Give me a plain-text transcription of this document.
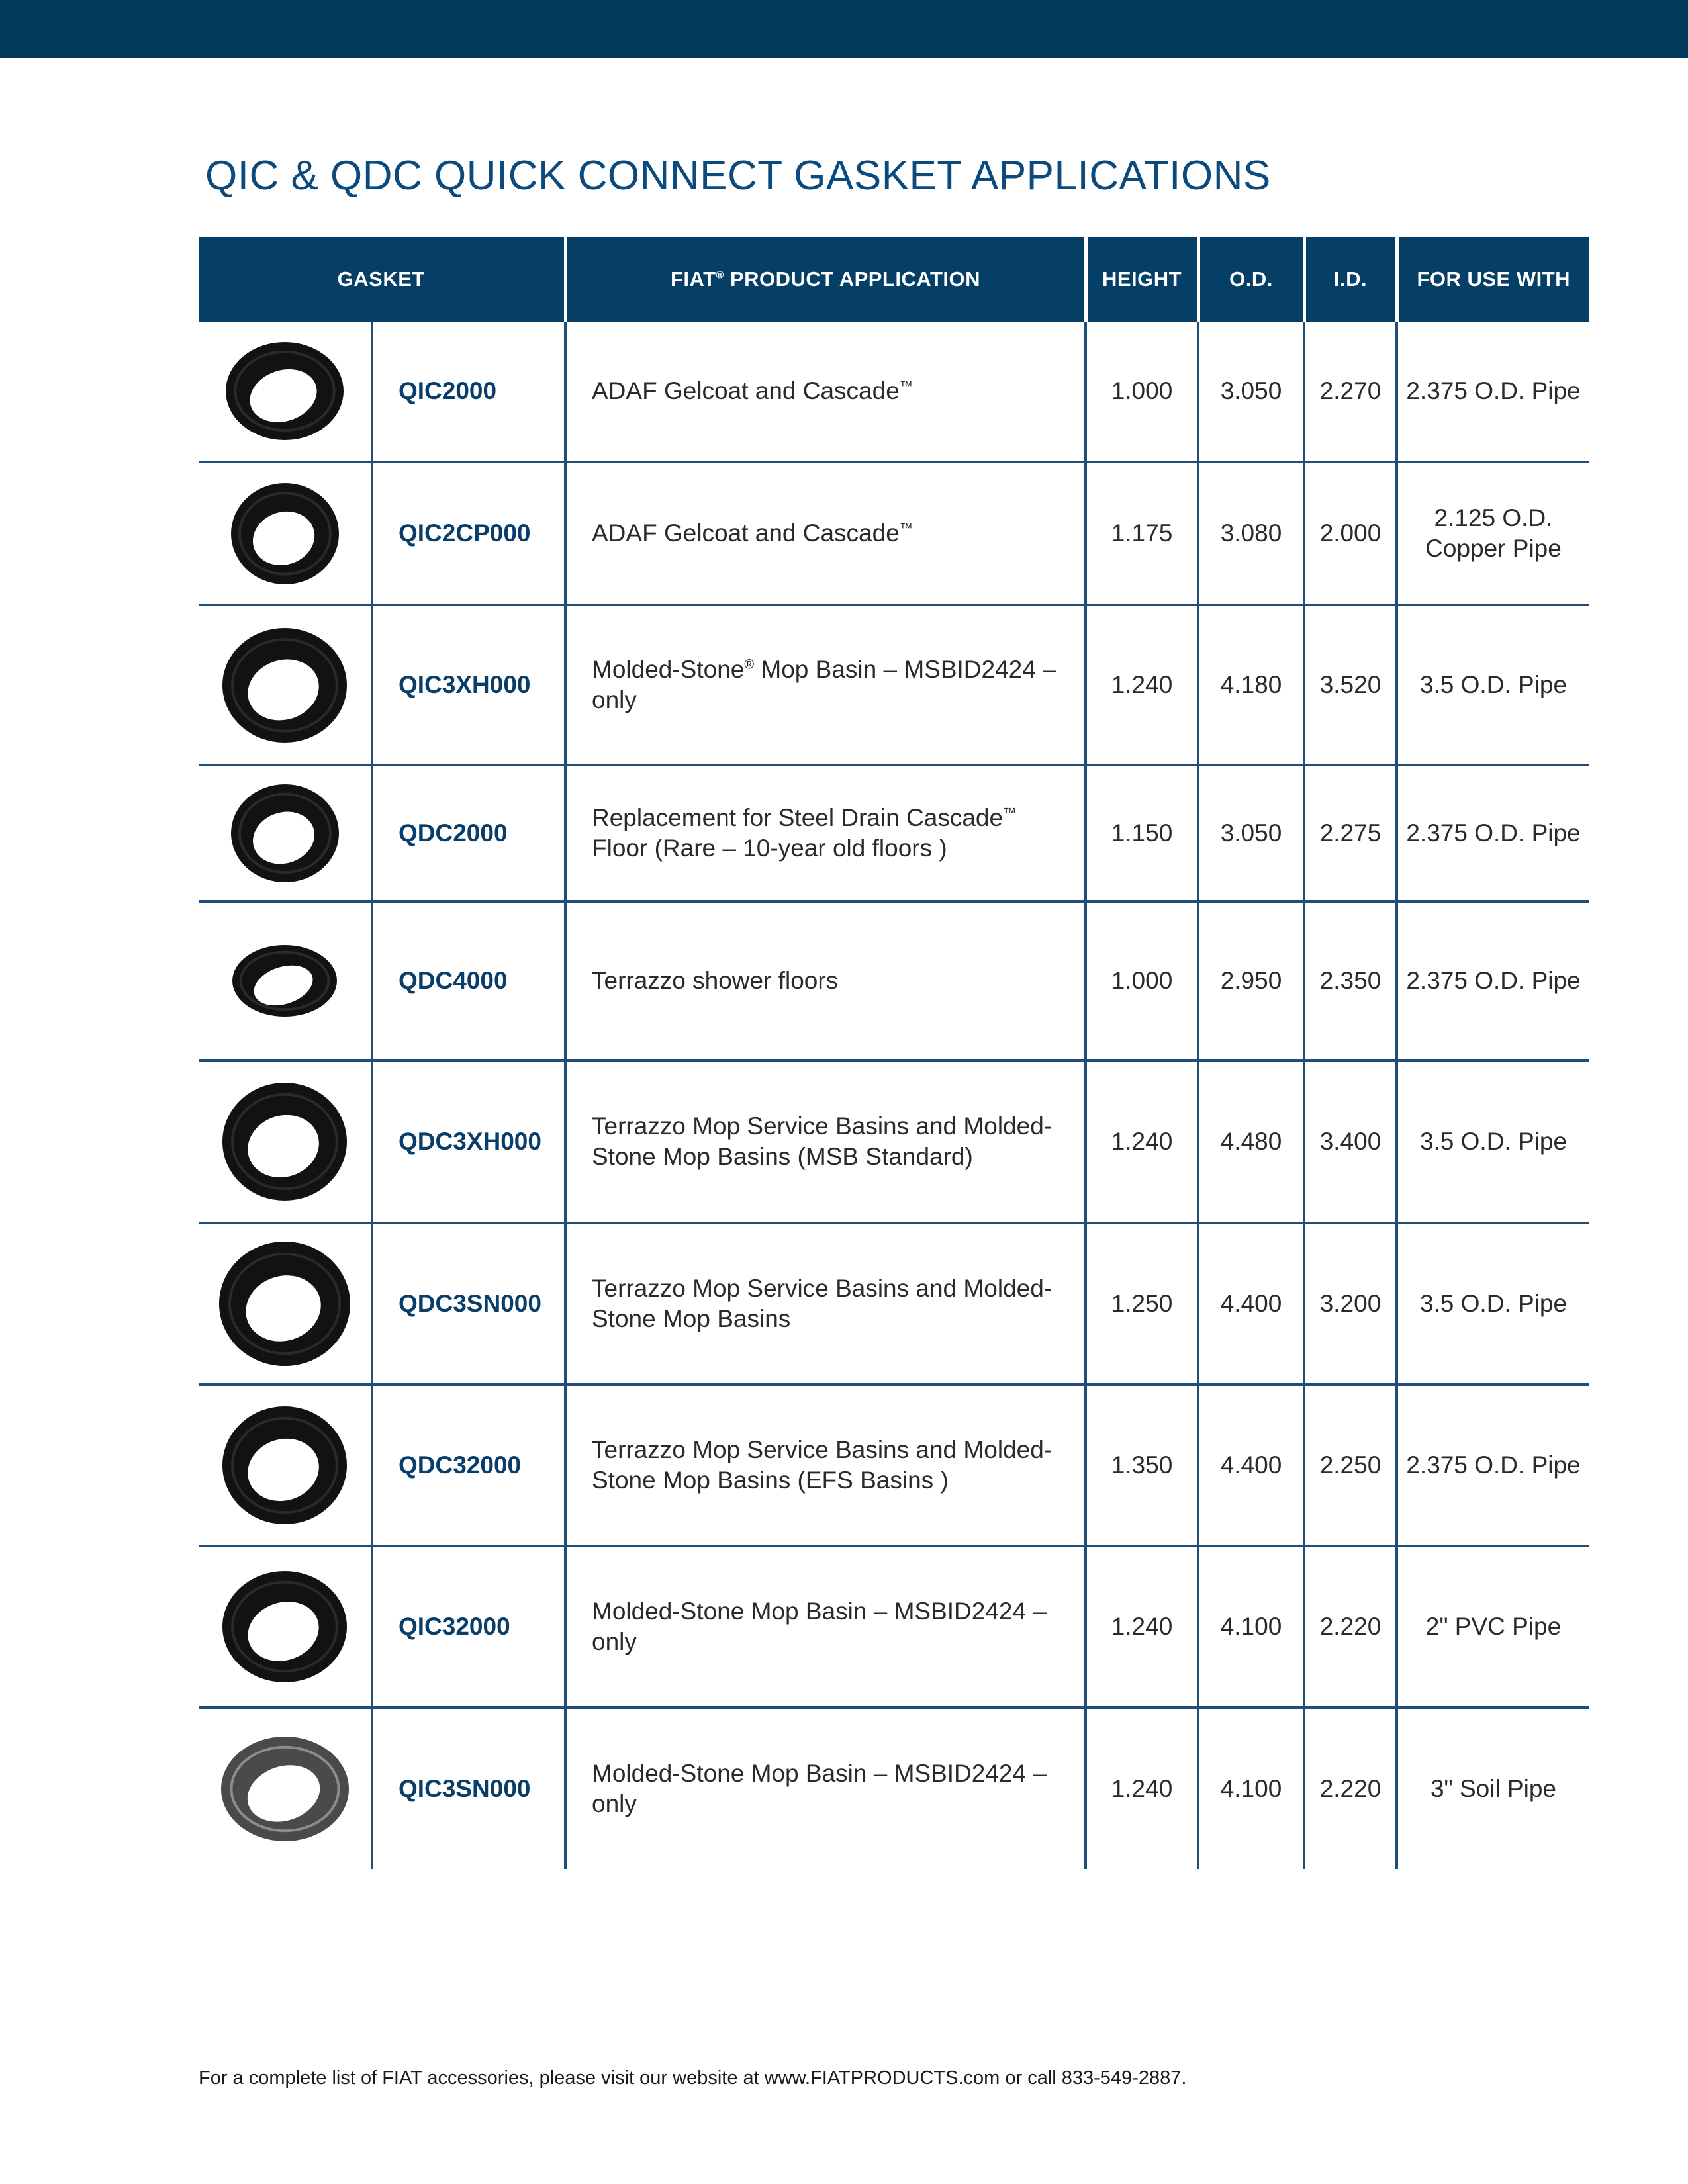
QIC & QDC QUICK CONNECT GASKET APPLICATIONS
GASKET		FIAT® PRODUCT APPLICATION	HEIGHT	O.D.	I.D.	FOR USE WITH

	QIC2000	ADAF Gelcoat and Cascade™	1.000	3.050	2.270	2.375 O.D. Pipe

	QIC2CP000	ADAF Gelcoat and Cascade™	1.175	3.080	2.000	2.125 O.D.
Copper Pipe

	QIC3XH000	Molded-Stone® Mop Basin – MSBID2424 – only	1.240	4.180	3.520	3.5 O.D. Pipe

	QDC2000	Replacement for Steel Drain Cascade™ Floor (Rare – 10-year old floors )	1.150	3.050	2.275	2.375 O.D. Pipe

	QDC4000	Terrazzo shower floors	1.000	2.950	2.350	2.375 O.D. Pipe

	QDC3XH000	Terrazzo Mop Service Basins and Molded-Stone Mop Basins (MSB Standard)	1.240	4.480	3.400	3.5 O.D. Pipe

	QDC3SN000	Terrazzo Mop Service Basins and Molded-Stone Mop Basins	1.250	4.400	3.200	3.5 O.D. Pipe

	QDC32000	Terrazzo Mop Service Basins and Molded-Stone Mop Basins (EFS Basins )	1.350	4.400	2.250	2.375 O.D. Pipe

	QIC32000	Molded-Stone Mop Basin – MSBID2424 – only	1.240	4.100	2.220	2" PVC Pipe

	QIC3SN000	Molded-Stone Mop Basin – MSBID2424 – only	1.240	4.100	2.220	3" Soil Pipe
For a complete list of FIAT accessories, please visit our website at www.FIATPRODUCTS.com or call 833-549-2887.
